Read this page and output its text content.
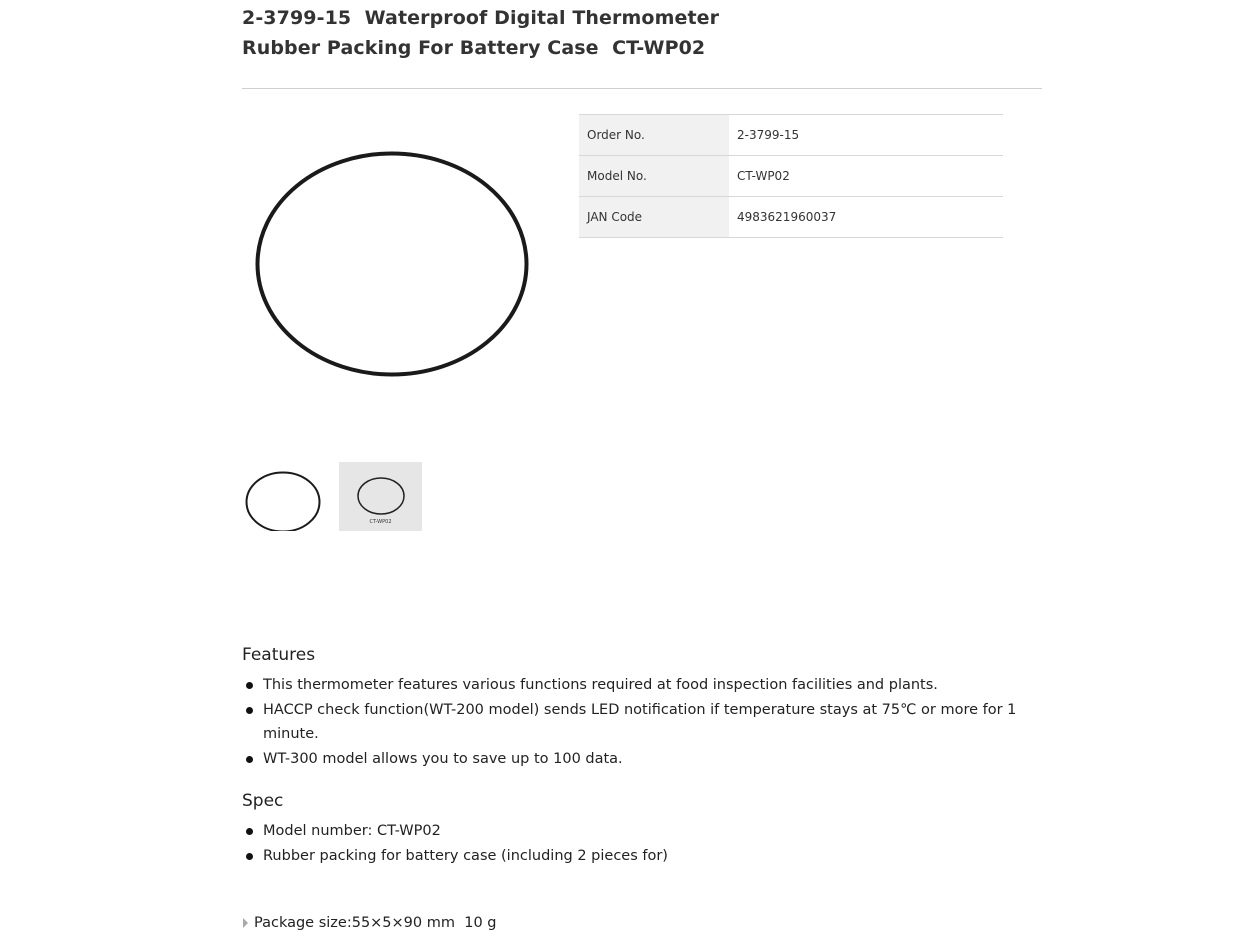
2-3799-15  Waterproof Digital Thermometer
Rubber Packing For Battery Case  CT-WP02
CT-WP02
Order No.	2-3799-15
Model No.	CT-WP02
JAN Code	4983621960037
Features
This thermometer features various functions required at food inspection facilities and plants.
HACCP check function(WT-200 model) sends LED notification if temperature stays at 75℃ or more for 1 minute.
WT-300 model allows you to save up to 100 data.
Spec
Model number: CT-WP02
Rubber packing for battery case (including 2 pieces for)
Package size:55×5×90 mm  10 g
